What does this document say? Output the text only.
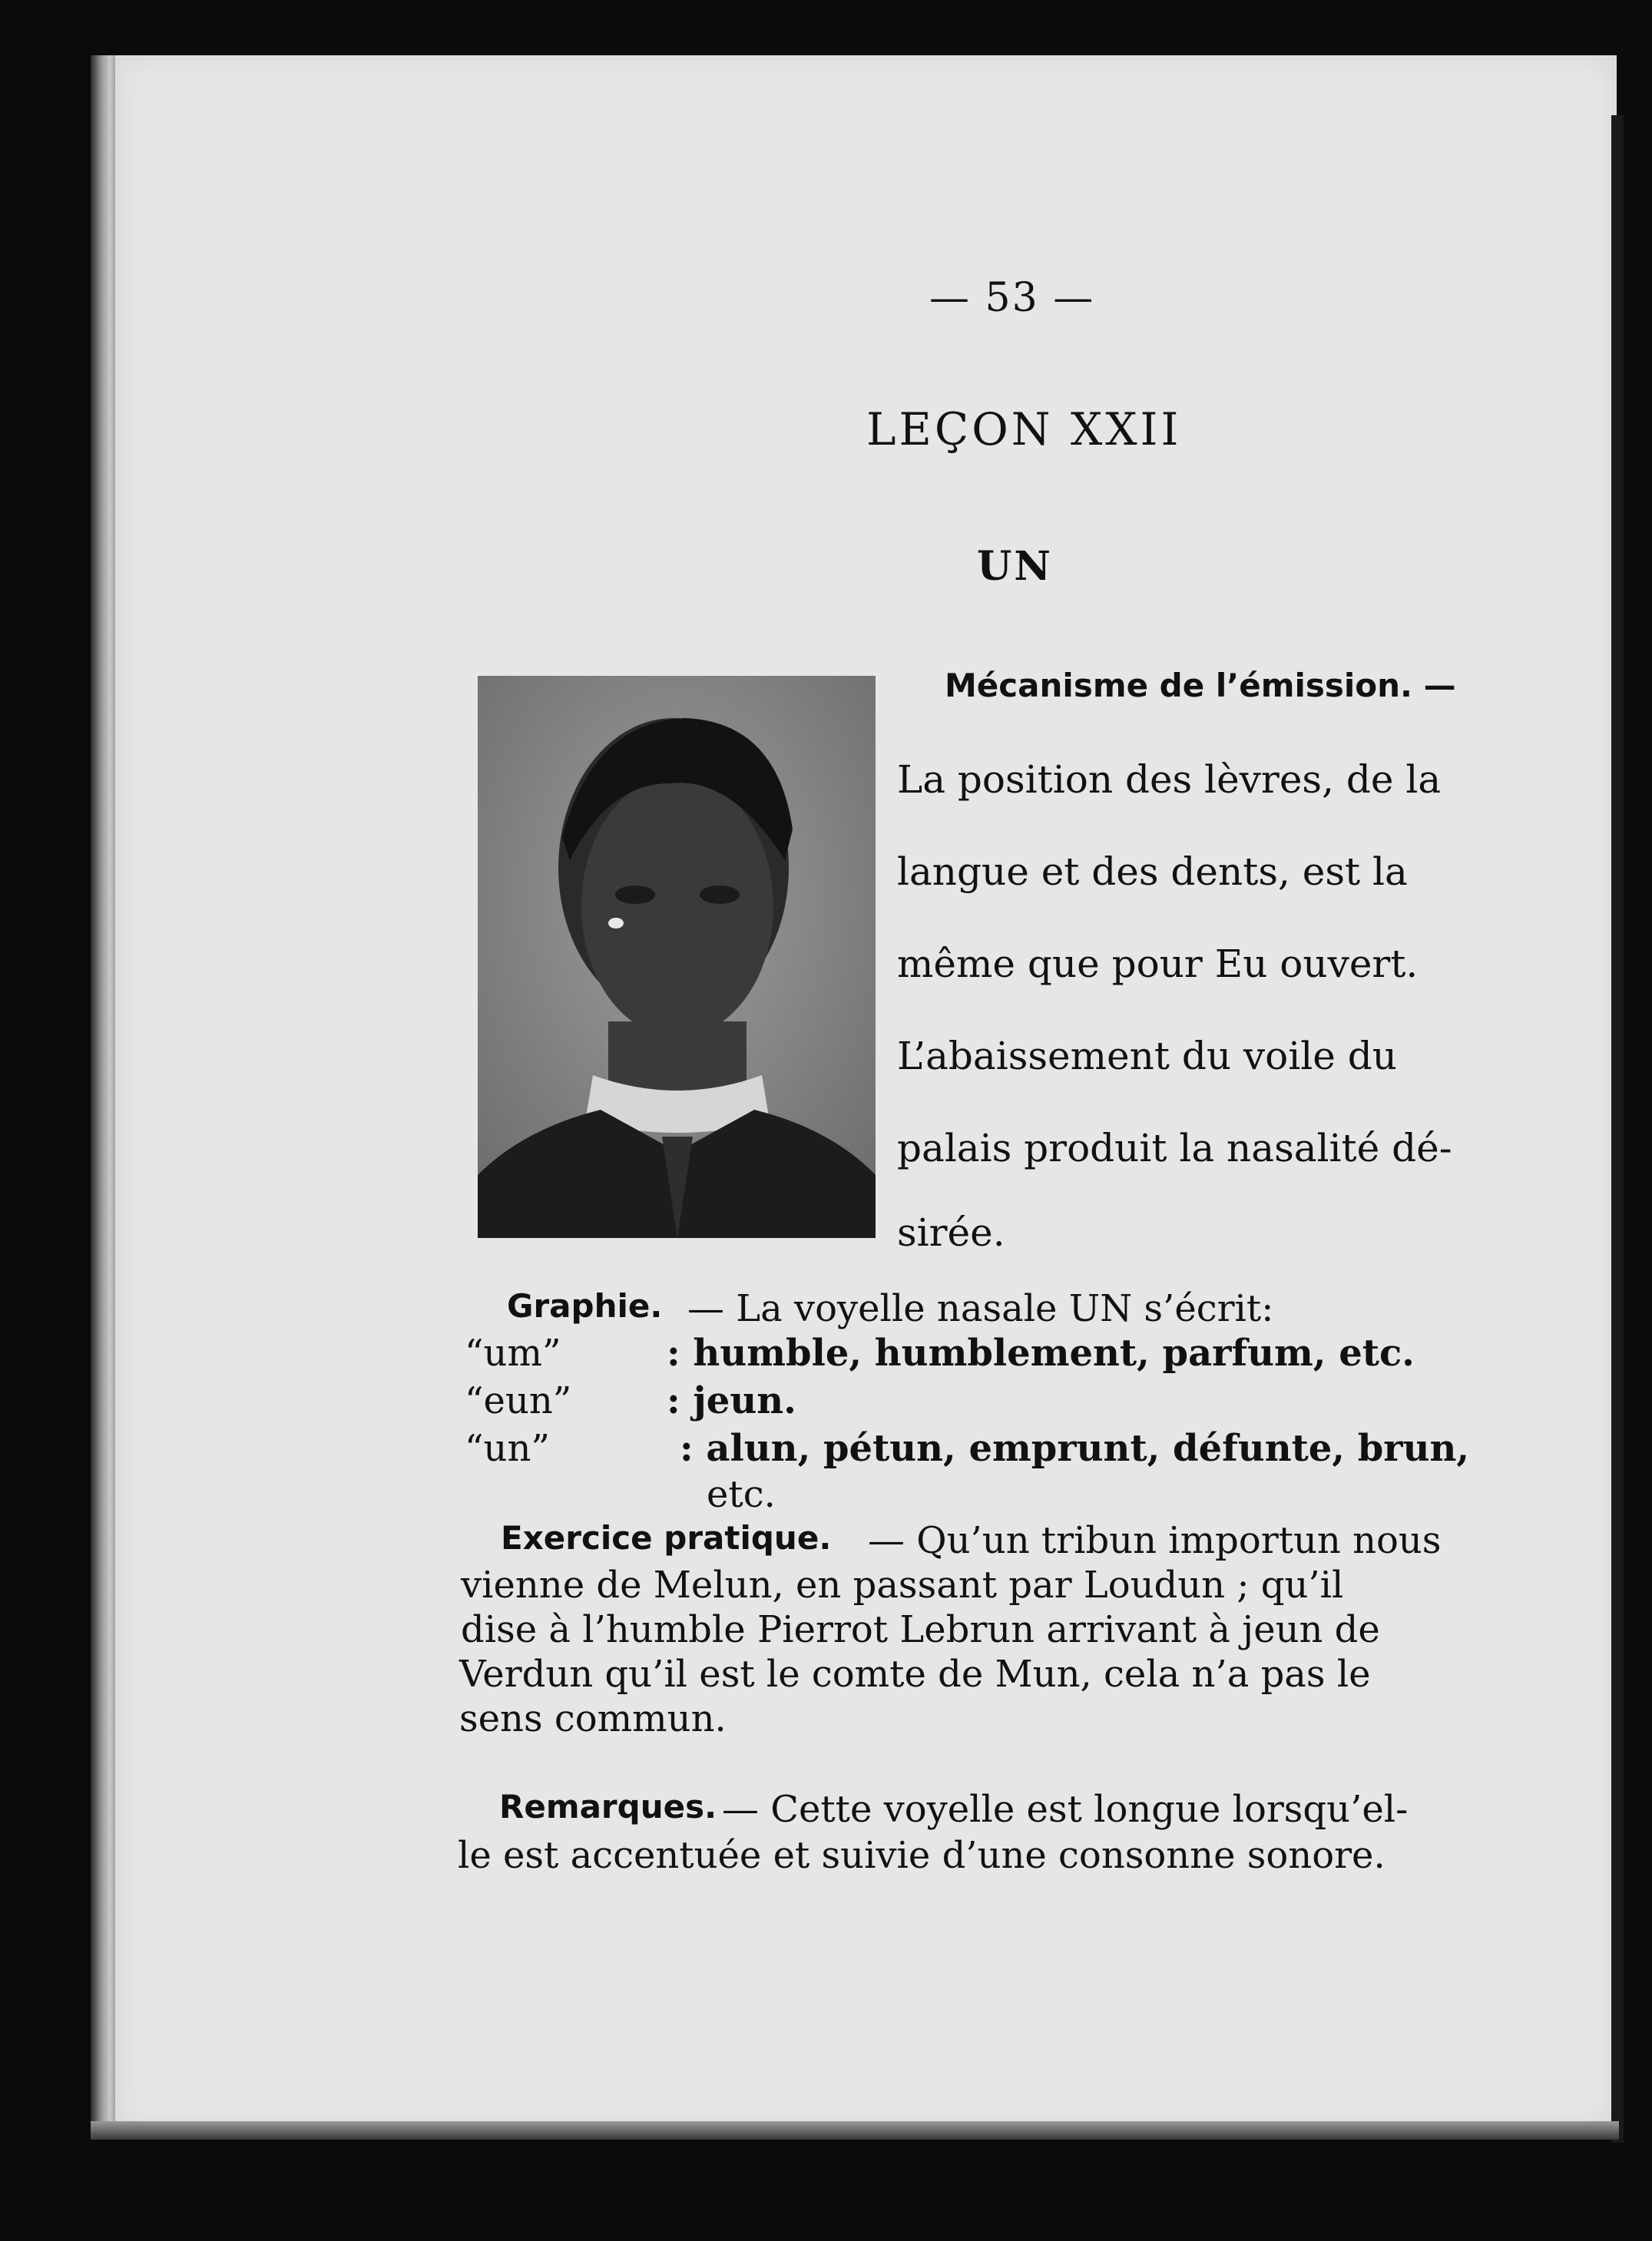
— 53 —
LEÇON XXII
UN
Mécanisme de l’émission. —
La position des lèvres, de la
langue et des dents, est la
même que pour Eu ouvert.
L’abaissement du voile du
palais produit la nasalité dé-
sirée.
Graphie. — La voyelle nasale UN s’écrit:
“um”	: humble, humblement, parfum, etc.
“eun”	: jeun.
“un”	: alun, pétun, emprunt, défunte, brun,
etc.
Exercice pratique. — Qu’un tribun importun nous
vienne de Melun, en passant par Loudun ; qu’il
dise à l’humble Pierrot Lebrun arrivant à jeun de
Verdun qu’il est le comte de Mun, cela n’a pas le
sens commun.
Remarques. — Cette voyelle est longue lorsqu’el-
le est accentuée et suivie d’une consonne sonore.
